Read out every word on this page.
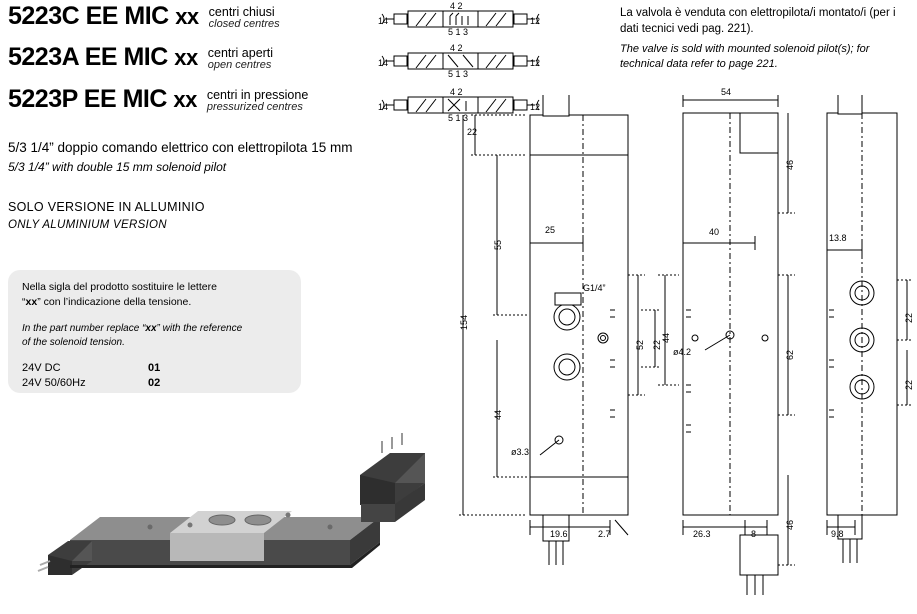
5223C EE MIC xx centri chiusi
closed centres
5223A EE MIC xx centri aperti
open centres
5223P EE MIC xx centri in pressione
pressurized centres
14	12
4 2
5 1 3
14	12
4 2
5 1 3
14	12
4 2
5 1 3
5/3 1/4” doppio comando elettrico con elettropilota 15 mm
5/3 1/4” with double 15 mm solenoid pilot
SOLO VERSIONE IN ALLUMINIO
ONLY ALUMINIUM VERSION
Nella sigla del prodotto sostituire le lettere
“xx” con l’indicazione della tensione.
In the part number replace “xx” with the reference
of the solenoid tension.
24V DC	01
24V 50/60Hz	02
La valvola è venduta con elettropilota/i montato/i (per i dati tecnici vedi pag. 221).
The valve is sold with mounted solenoid pilot(s); for technical data refer to page 221.
22
55
154
44
25
52 22
G1/4”
ø3.3
19.6	2.7
54
40
46
44
62
ø4.2
26.3	8
46
13.8
22
22
9.8
